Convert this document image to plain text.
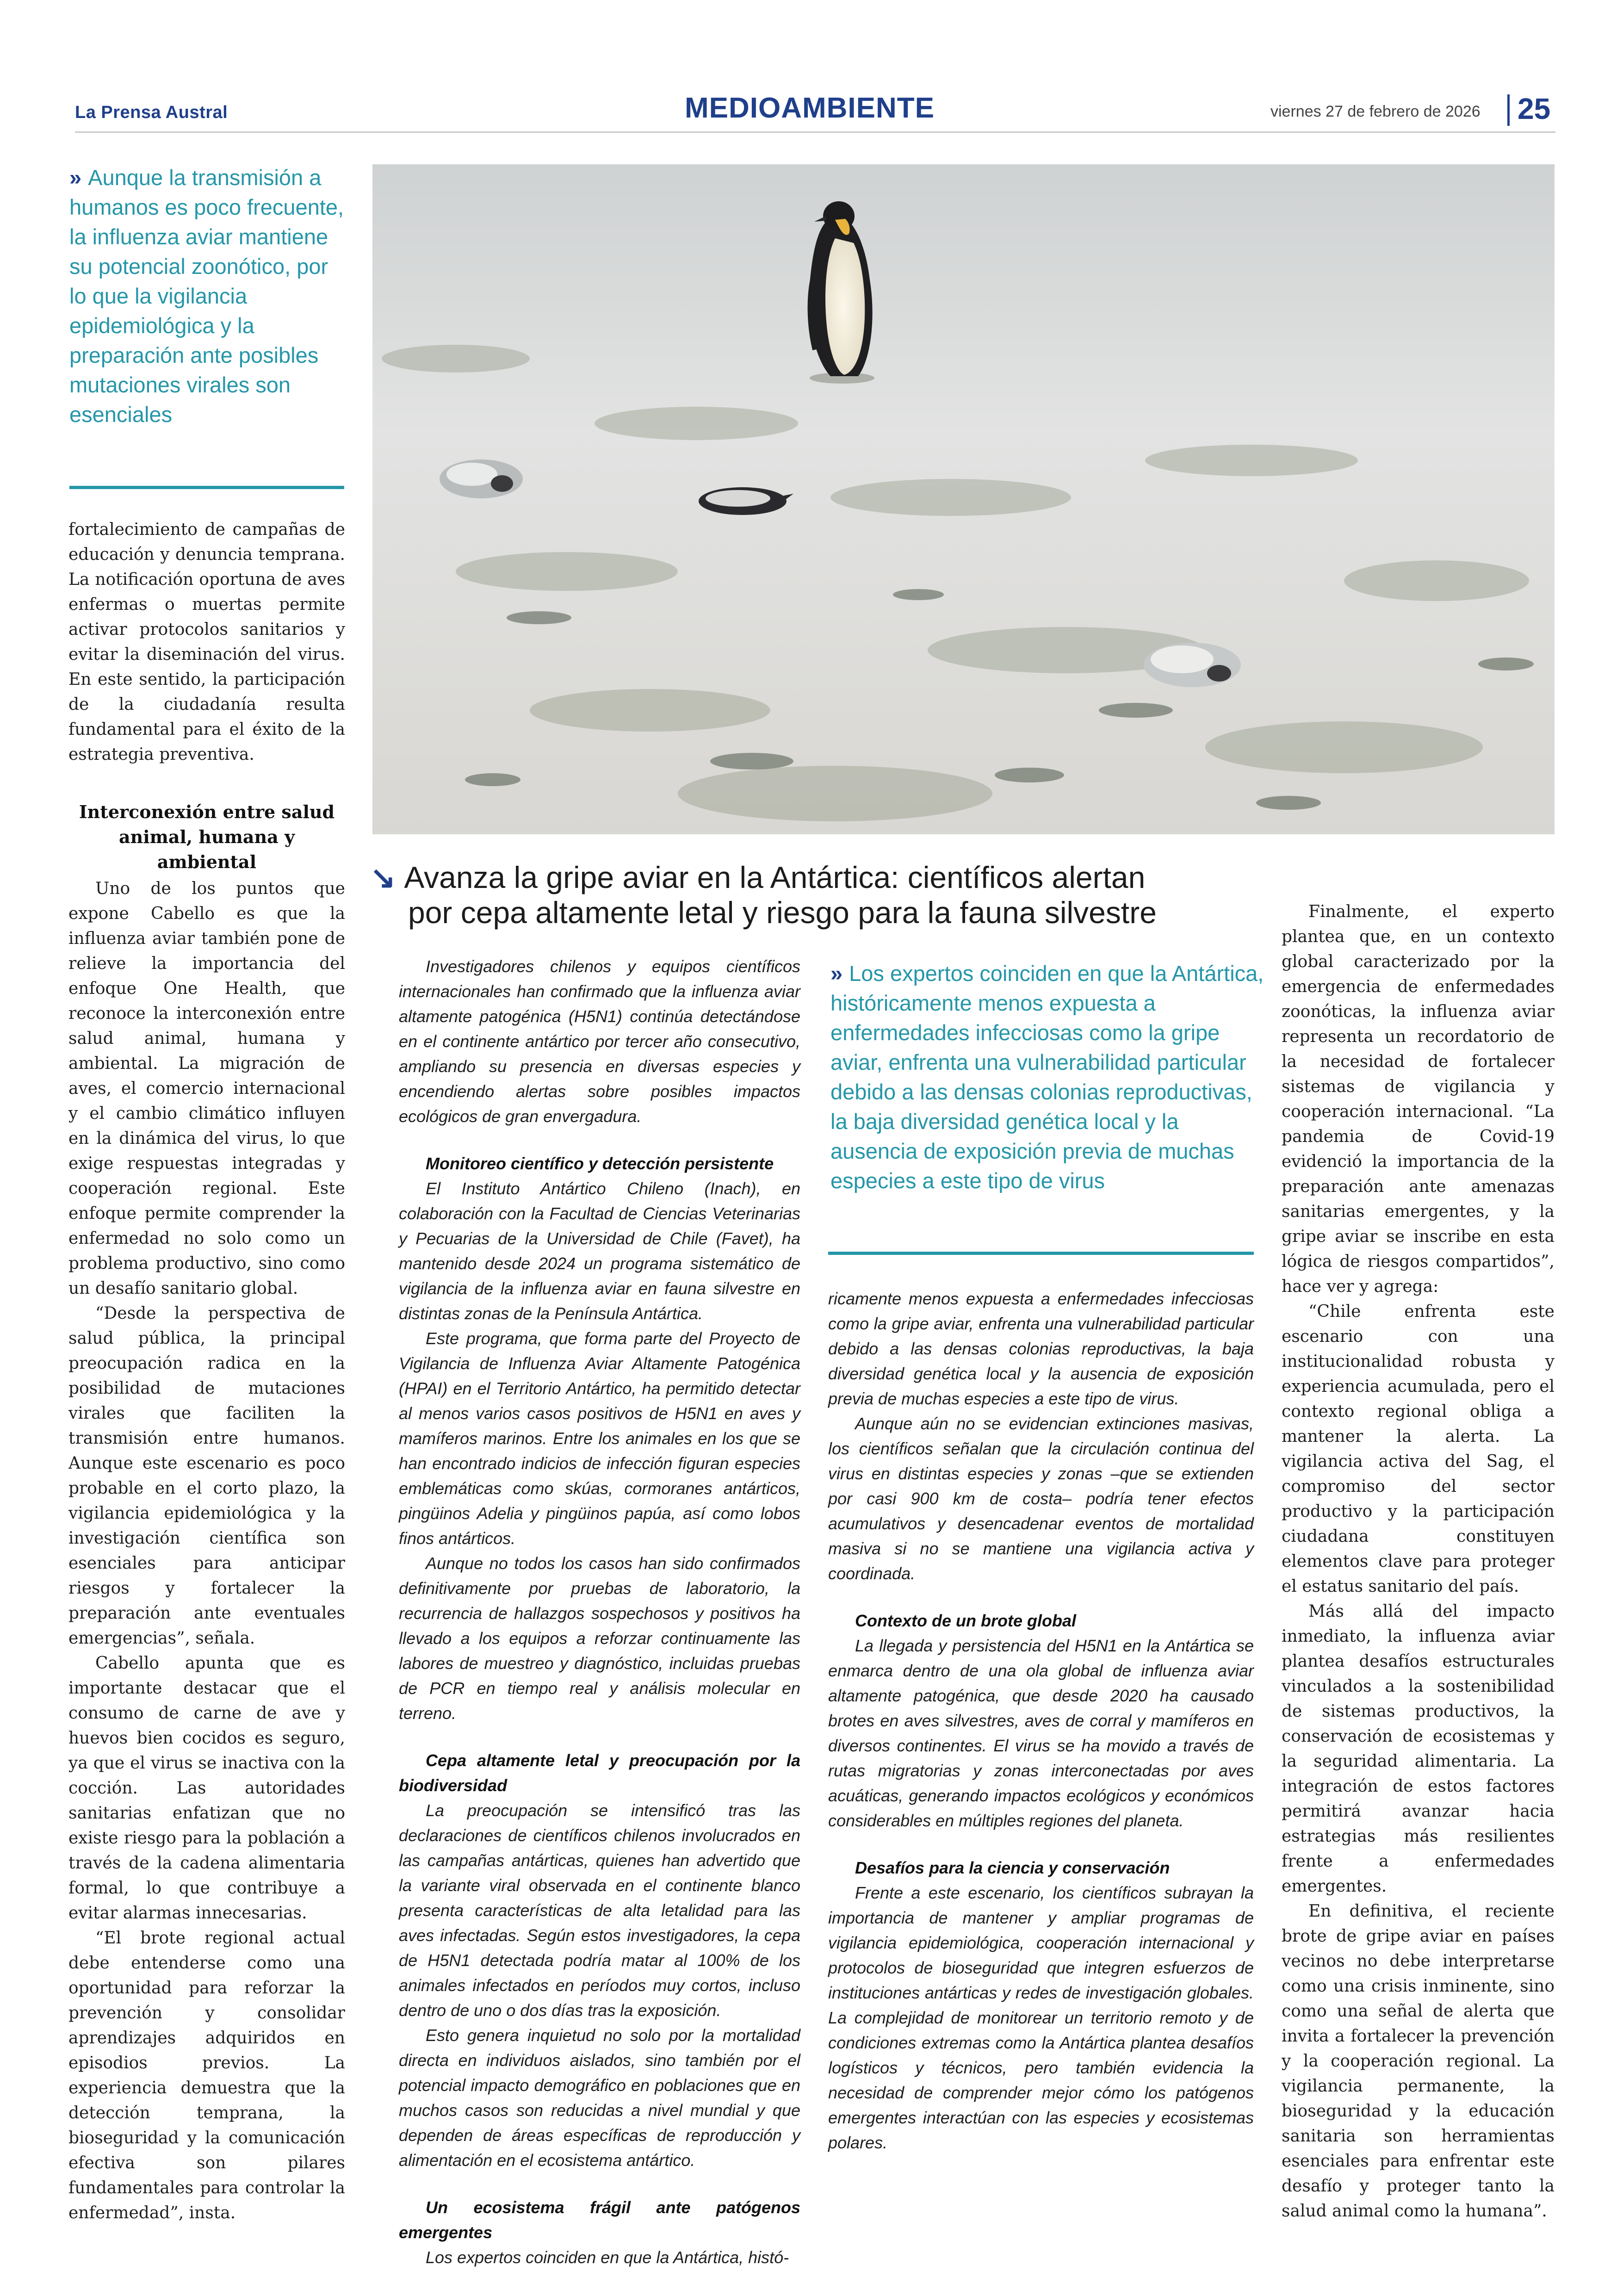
La Prensa Austral	MEDIOAMBIENTE	viernes 27 de febrero de 2026 25
» Aunque la transmisión a humanos es poco frecuente, la influenza aviar mantiene su potencial zoonótico, por lo que la vigilancia epidemiológica y la preparación ante posibles mutaciones virales son esenciales
↘ Avanza la gripe aviar en la Antártica: científicos alertan
por cepa altamente letal y riesgo para la fauna silvestre

fortalecimiento de campañas de educación y denuncia temprana. La notificación oportuna de aves enfermas o muertas permite activar protocolos sanitarios y evitar la diseminación del virus. En este sentido, la participación de la ciudadanía resulta fundamental para el éxito de la estrategia preventiva.

Interconexión entre salud animal, humana y ambiental

Uno de los puntos que expone Cabello es que la influenza aviar también pone de relieve la importancia del enfoque One Health, que reconoce la interconexión entre salud animal, humana y ambiental. La migración de aves, el comercio internacional y el cambio climático influyen en la dinámica del virus, lo que exige respuestas integradas y cooperación regional. Este enfoque permite comprender la enfermedad no solo como un problema productivo, sino como un desafío sanitario global.

“Desde la perspectiva de salud pública, la principal preocupación radica en la posibilidad de mutaciones virales que faciliten la transmisión entre humanos. Aunque este escenario es poco probable en el corto plazo, la vigilancia epidemiológica y la investigación científica son esenciales para anticipar riesgos y fortalecer la preparación ante eventuales emergencias”, señala.

Cabello apunta que es importante destacar que el consumo de carne de ave y huevos bien cocidos es seguro, ya que el virus se inactiva con la cocción. Las autoridades sanitarias enfatizan que no existe riesgo para la población a través de la cadena alimentaria formal, lo que contribuye a evitar alarmas innecesarias.

“El brote regional actual debe entenderse como una oportunidad para reforzar la prevención y consolidar aprendizajes adquiridos en episodios previos. La experiencia demuestra que la detección temprana, la bioseguridad y la comunicación efectiva son pilares fundamentales para controlar la enfermedad”, insta.

Investigadores chilenos y equipos científicos internacionales han confirmado que la influenza aviar altamente patogénica (H5N1) continúa detectándose en el continente antártico por tercer año consecutivo, ampliando su presencia en diversas especies y encendiendo alertas sobre posibles impactos ecológicos de gran envergadura.

Monitoreo científico y detección persistente

El Instituto Antártico Chileno (Inach), en colaboración con la Facultad de Ciencias Veterinarias y Pecuarias de la Universidad de Chile (Favet), ha mantenido desde 2024 un programa sistemático de vigilancia de la influenza aviar en fauna silvestre en distintas zonas de la Península Antártica.

Este programa, que forma parte del Proyecto de Vigilancia de Influenza Aviar Altamente Patogénica (HPAI) en el Territorio Antártico, ha permitido detectar al menos varios casos positivos de H5N1 en aves y mamíferos marinos. Entre los animales en los que se han encontrado indicios de infección figuran especies emblemáticas como skúas, cormoranes antárticos, pingüinos Adelia y pingüinos papúa, así como lobos finos antárticos.

Aunque no todos los casos han sido confirmados definitivamente por pruebas de laboratorio, la recurrencia de hallazgos sospechosos y positivos ha llevado a los equipos a reforzar continuamente las labores de muestreo y diagnóstico, incluidas pruebas de PCR en tiempo real y análisis molecular en terreno.

Cepa altamente letal y preocupación por la biodiversidad

La preocupación se intensificó tras las declaraciones de científicos chilenos involucrados en las campañas antárticas, quienes han advertido que la variante viral observada en el continente blanco presenta características de alta letalidad para las aves infectadas. Según estos investigadores, la cepa de H5N1 detectada podría matar al 100% de los animales infectados en períodos muy cortos, incluso dentro de uno o dos días tras la exposición.

Esto genera inquietud no solo por la mortalidad directa en individuos aislados, sino también por el potencial impacto demográfico en poblaciones que en muchos casos son reducidas a nivel mundial y que dependen de áreas específicas de reproducción y alimentación en el ecosistema antártico.

Un ecosistema frágil ante patógenos emergentes

Los expertos coinciden en que la Antártica, histó-

» Los expertos coinciden en que la Antártica, históricamente menos expuesta a enfermedades infecciosas como la gripe aviar, enfrenta una vulnerabilidad particular debido a las densas colonias reproductivas, la baja diversidad genética local y la ausencia de exposición previa de muchas especies a este tipo de virus

ricamente menos expuesta a enfermedades infecciosas como la gripe aviar, enfrenta una vulnerabilidad particular debido a las densas colonias reproductivas, la baja diversidad genética local y la ausencia de exposición previa de muchas especies a este tipo de virus.

Aunque aún no se evidencian extinciones masivas, los científicos señalan que la circulación continua del virus en distintas especies y zonas –que se extienden por casi 900 km de costa– podría tener efectos acumulativos y desencadenar eventos de mortalidad masiva si no se mantiene una vigilancia activa y coordinada.

Contexto de un brote global

La llegada y persistencia del H5N1 en la Antártica se enmarca dentro de una ola global de influenza aviar altamente patogénica, que desde 2020 ha causado brotes en aves silvestres, aves de corral y mamíferos en diversos continentes. El virus se ha movido a través de rutas migratorias y zonas interconectadas por aves acuáticas, generando impactos ecológicos y económicos considerables en múltiples regiones del planeta.

Desafíos para la ciencia y conservación

Frente a este escenario, los científicos subrayan la importancia de mantener y ampliar programas de vigilancia epidemiológica, cooperación internacional y protocolos de bioseguridad que integren esfuerzos de instituciones antárticas y redes de investigación globales. La complejidad de monitorear un territorio remoto y de condiciones extremas como la Antártica plantea desafíos logísticos y técnicos, pero también evidencia la necesidad de comprender mejor cómo los patógenos emergentes interactúan con las especies y ecosistemas polares.

Finalmente, el experto plantea que, en un contexto global caracterizado por la emergencia de enfermedades zoonóticas, la influenza aviar representa un recordatorio de la necesidad de fortalecer sistemas de vigilancia y cooperación internacional. “La pandemia de Covid-19 evidenció la importancia de la preparación ante amenazas sanitarias emergentes, y la gripe aviar se inscribe en esta lógica de riesgos compartidos”, hace ver y agrega:

“Chile enfrenta este escenario con una institucionalidad robusta y experiencia acumulada, pero el contexto regional obliga a mantener la alerta. La vigilancia activa del Sag, el compromiso del sector productivo y la participación ciudadana constituyen elementos clave para proteger el estatus sanitario del país.

Más allá del impacto inmediato, la influenza aviar plantea desafíos estructurales vinculados a la sostenibilidad de sistemas productivos, la conservación de ecosistemas y la seguridad alimentaria. La integración de estos factores permitirá avanzar hacia estrategias más resilientes frente a enfermedades emergentes.

En definitiva, el reciente brote de gripe aviar en países vecinos no debe interpretarse como una crisis inminente, sino como una señal de alerta que invita a fortalecer la prevención y la cooperación regional. La vigilancia permanente, la bioseguridad y la educación sanitaria son herramientas esenciales para enfrentar este desafío y proteger tanto la salud animal como la humana”.
